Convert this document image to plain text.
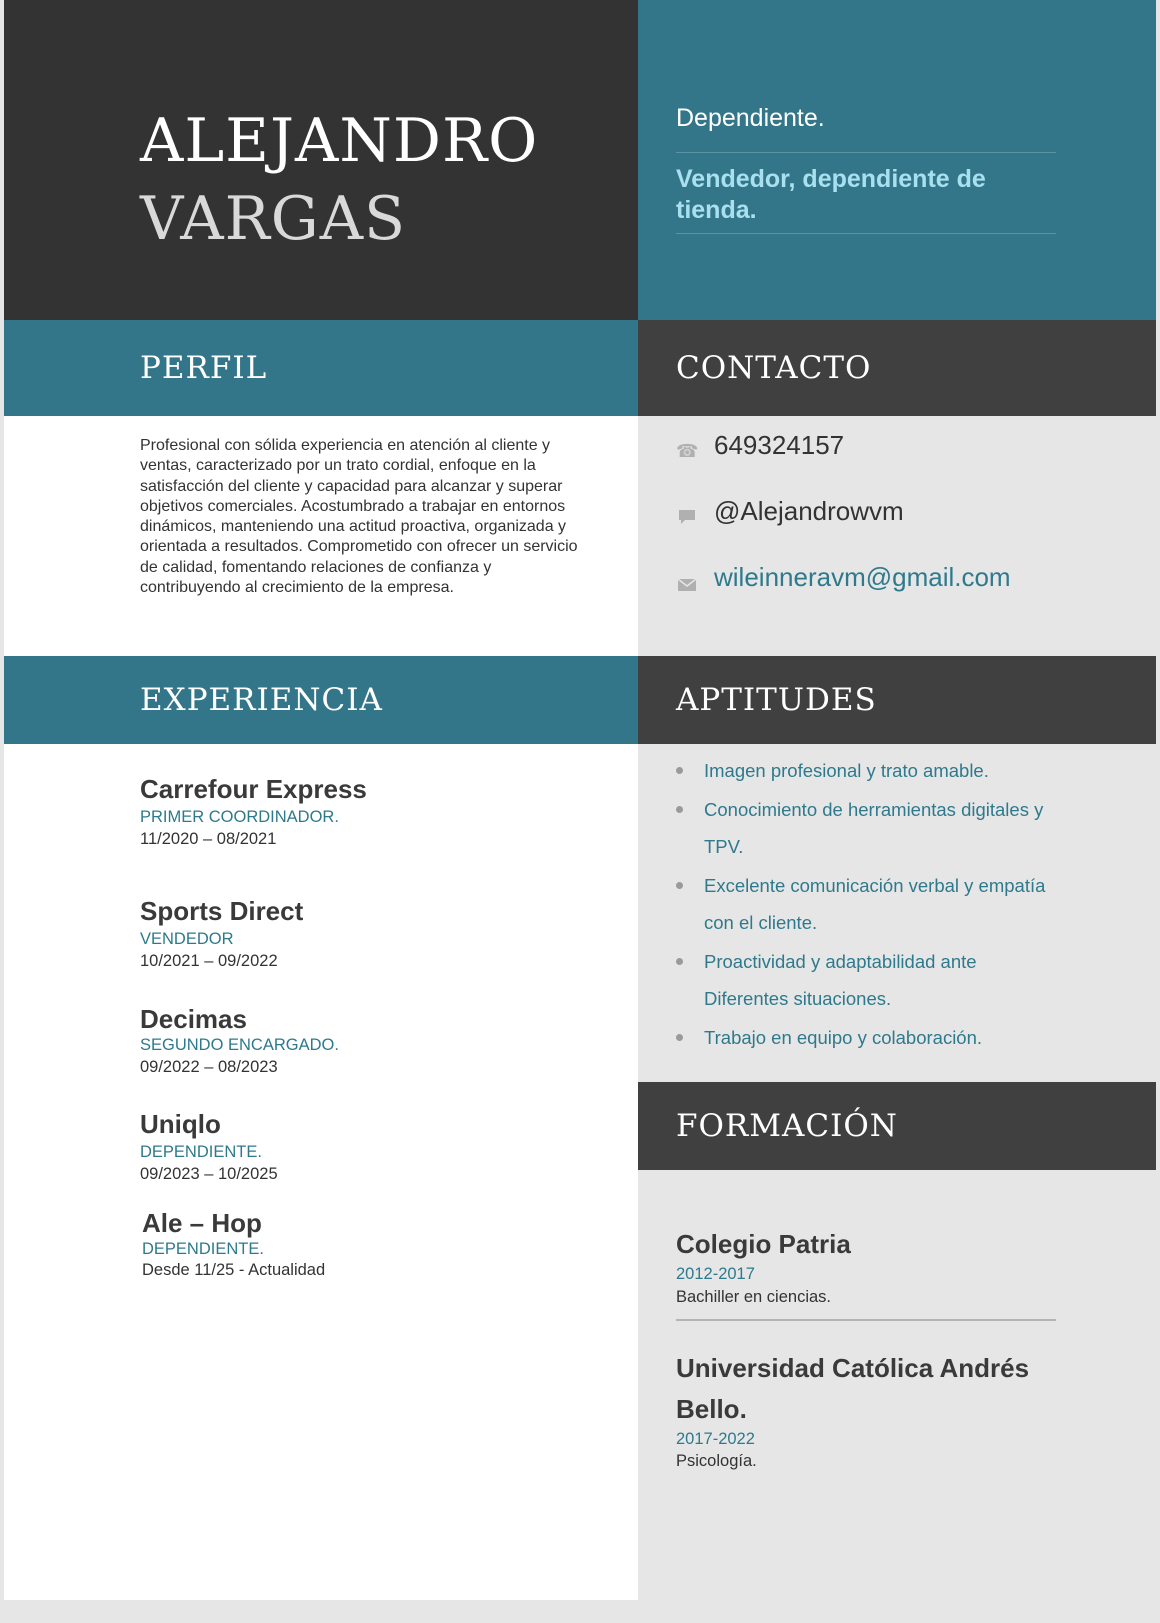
ALEJANDRO
VARGAS
Dependiente.
Vendedor, dependiente de tienda.
PERFIL	CONTACTO
EXPERIENCIA	APTITUDES
FORMACIÓN
Profesional con sólida experiencia en atención al cliente y ventas, caracterizado por un trato cordial, enfoque en la satisfacción del cliente y capacidad para alcanzar y superar objetivos comerciales. Acostumbrado a trabajar en entornos dinámicos, manteniendo una actitud proactiva, organizada y orientada a resultados. Comprometido con ofrecer un servicio de calidad, fomentando relaciones de confianza y contribuyendo al crecimiento de la empresa.
☎ 649324157
@Alejandrowvm
wileinneravm@gmail.com
Carrefour Express
PRIMER COORDINADOR.
11/2020 – 08/2021
Sports Direct
VENDEDOR
10/2021 – 09/2022
Decimas
SEGUNDO ENCARGADO.
09/2022 – 08/2023
Uniqlo
DEPENDIENTE.
09/2023 – 10/2025
Ale – Hop
DEPENDIENTE.
Desde 11/25 - Actualidad
Imagen profesional y trato amable.
Conocimiento de herramientas digitales y TPV.
Excelente comunicación verbal y empatía con el cliente.
Proactividad y adaptabilidad ante Diferentes situaciones.
Trabajo en equipo y colaboración.
Colegio Patria
2012-2017
Bachiller en ciencias.
Universidad Católica Andrés Bello.
2017-2022
Psicología.
